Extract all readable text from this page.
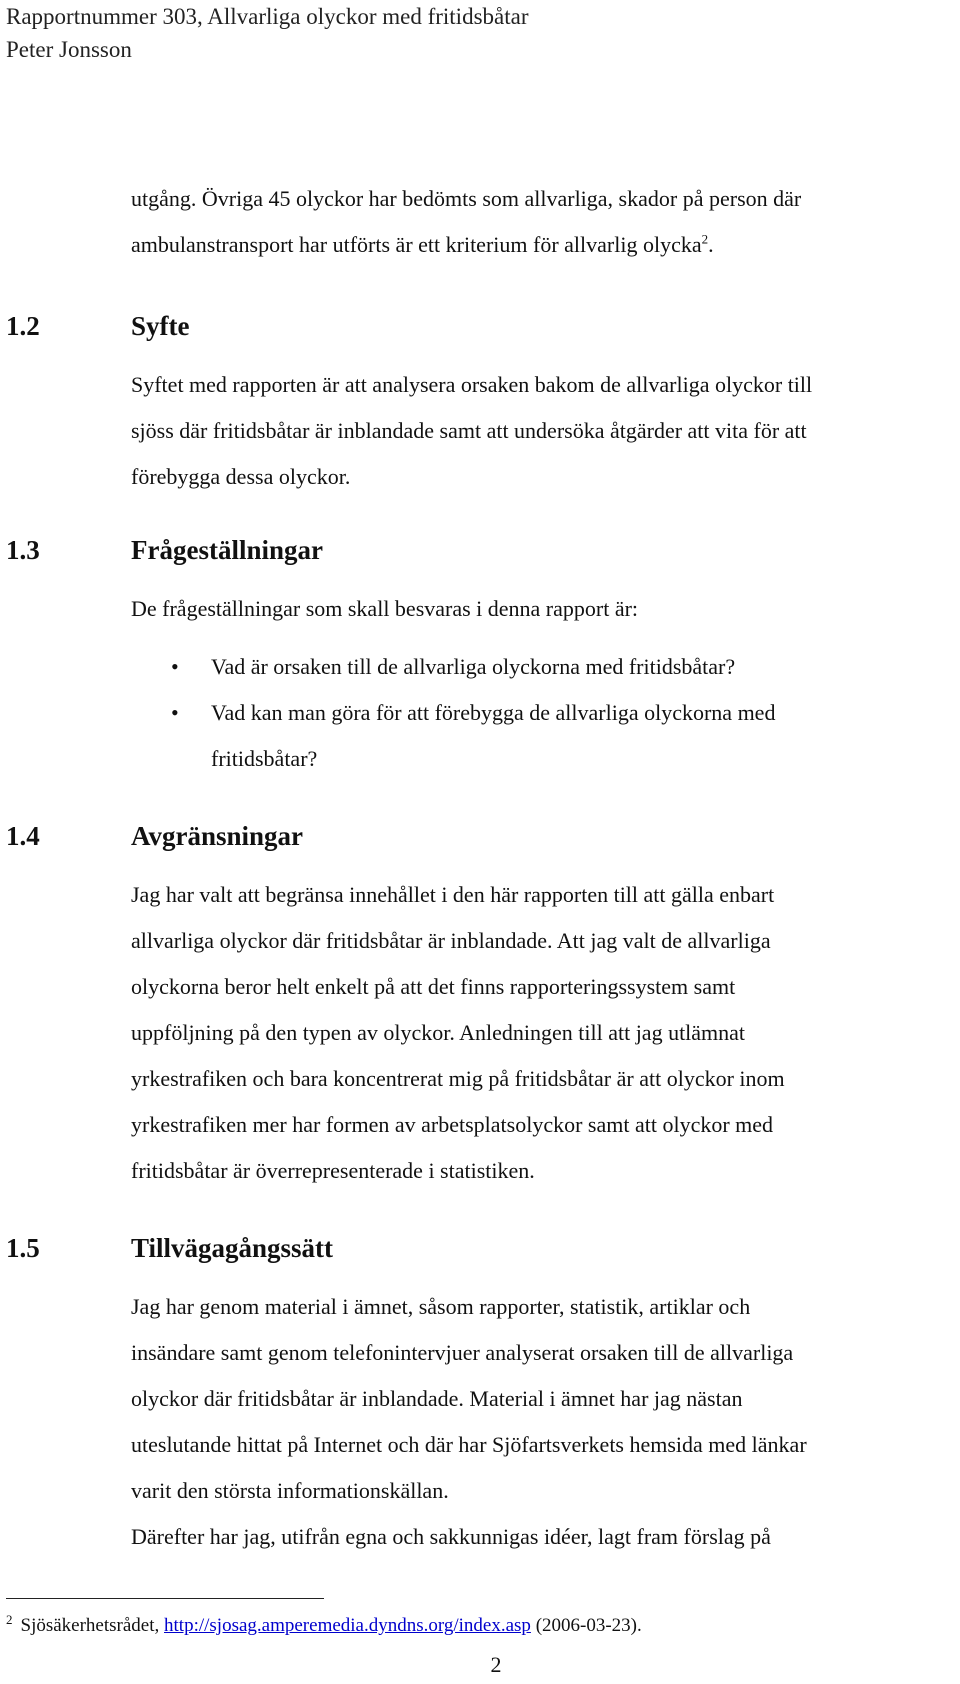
Rapportnummer 303, Allvarliga olyckor med fritidsbåtar
Peter Jonsson

utgång. Övriga 45 olyckor har bedömts som allvarliga, skador på person där
ambulanstransport har utförts är ett kriterium för allvarlig olycka$^2$.

1.2	Syfte

Syftet med rapporten är att analysera orsaken bakom de allvarliga olyckor till
sjöss där fritidsbåtar är inblandade samt att undersöka åtgärder att vita för att
förebygga dessa olyckor.

1.3	Frågeställningar

De frågeställningar som skall besvaras i denna rapport är:

• Vad är orsaken till de allvarliga olyckorna med fritidsbåtar?
• Vad kan man göra för att förebygga de allvarliga olyckorna med
fritidsbåtar?
1.4	Avgränsningar

Jag har valt att begränsa innehållet i den här rapporten till att gälla enbart
allvarliga olyckor där fritidsbåtar är inblandade. Att jag valt de allvarliga
olyckorna beror helt enkelt på att det finns rapporteringssystem samt
uppföljning på den typen av olyckor. Anledningen till att jag utlämnat
yrkestrafiken och bara koncentrerat mig på fritidsbåtar är att olyckor inom
yrkestrafiken mer har formen av arbetsplatsolyckor samt att olyckor med
fritidsbåtar är överrepresenterade i statistiken.

1.5	Tillvägagångssätt

Jag har genom material i ämnet, såsom rapporter, statistik, artiklar och
insändare samt genom telefonintervjuer analyserat orsaken till de allvarliga
olyckor där fritidsbåtar är inblandade. Material i ämnet har jag nästan
uteslutande hittat på Internet och där har Sjöfartsverkets hemsida med länkar
varit den största informationskällan.
Därefter har jag, utifrån egna och sakkunnigas idéer, lagt fram förslag på

$^2$ Sjösäkerhetsrådet, http://sjosag.amperemedia.dyndns.org/index.asp (2006-03-23).
2
